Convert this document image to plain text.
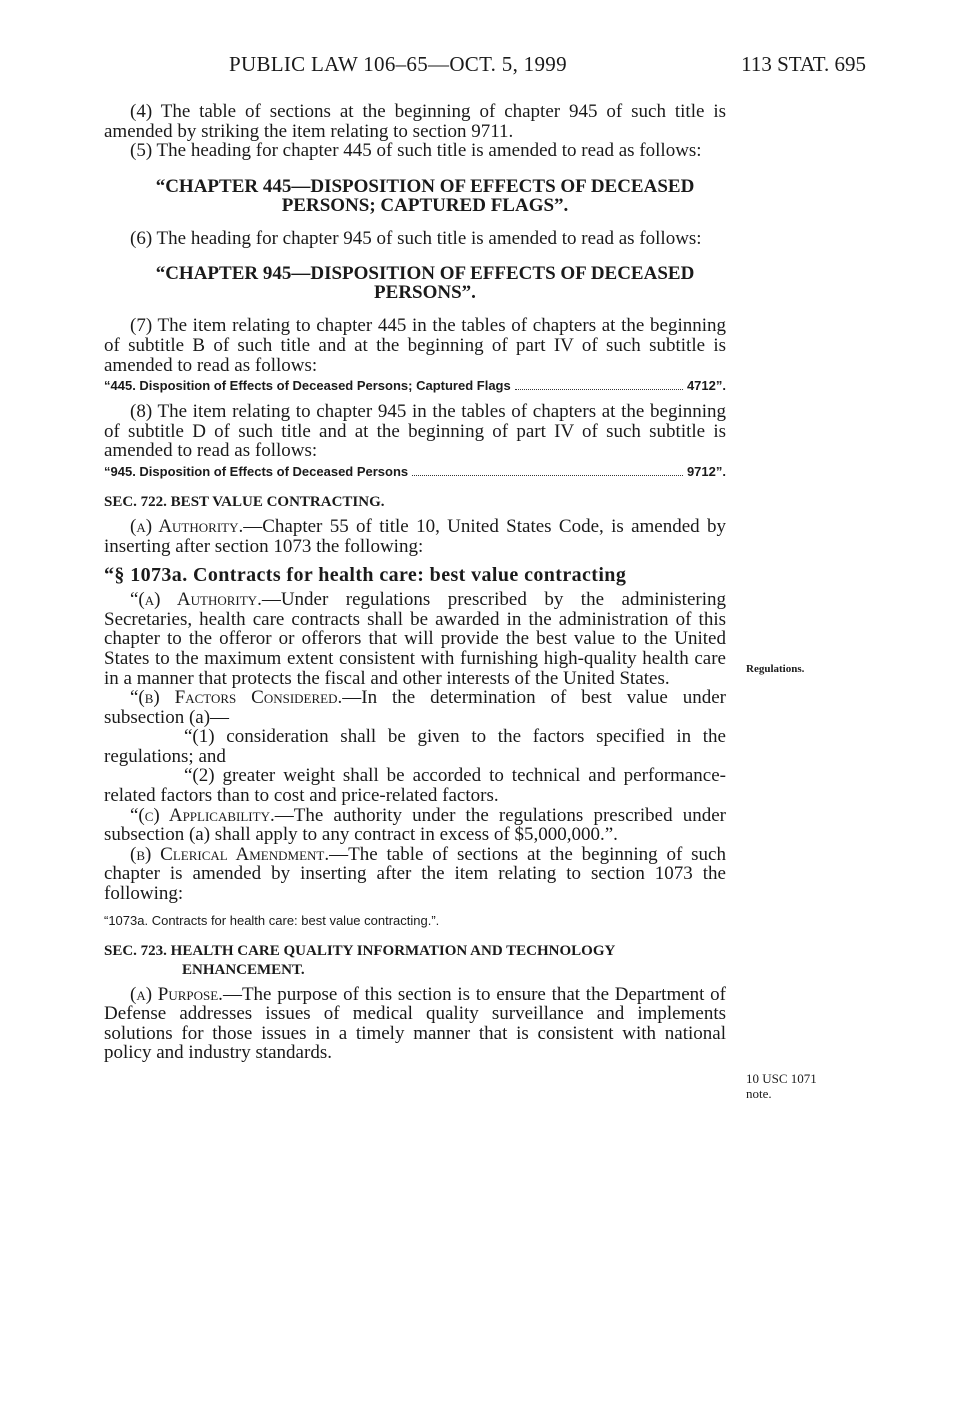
PUBLIC LAW 106–65—OCT. 5, 1999	113 STAT. 695

(4) The table of sections at the beginning of chapter 945 of such title is amended by striking the item relating to section 9711.

(5) The heading for chapter 445 of such title is amended to read as follows:

“CHAPTER 445—DISPOSITION OF EFFECTS OF DECEASED PERSONS; CAPTURED FLAGS”.

(6) The heading for chapter 945 of such title is amended to read as follows:

“CHAPTER 945—DISPOSITION OF EFFECTS OF DECEASED PERSONS”.

(7) The item relating to chapter 445 in the tables of chapters at the beginning of subtitle B of such title and at the beginning of part IV of such subtitle is amended to read as follows:

“445. Disposition of Effects of Deceased Persons; Captured Flags	4712”.

(8) The item relating to chapter 945 in the tables of chapters at the beginning of subtitle D of such title and at the beginning of part IV of such subtitle is amended to read as follows:

“945. Disposition of Effects of Deceased Persons	9712”.
SEC. 722. BEST VALUE CONTRACTING.

(a) Authority.—Chapter 55 of title 10, United States Code, is amended by inserting after section 1073 the following:

“§ 1073a. Contracts for health care: best value contracting

“(a) Authority.—Under regulations prescribed by the administering Secretaries, health care contracts shall be awarded in the administration of this chapter to the offeror or offerors that will provide the best value to the United States to the maximum extent consistent with furnishing high-quality health care in a manner that protects the fiscal and other interests of the United States.

“(b) Factors Considered.—In the determination of best value under subsection (a)—

“(1) consideration shall be given to the factors specified in the regulations; and

“(2) greater weight shall be accorded to technical and performance-related factors than to cost and price-related factors.

“(c) Applicability.—The authority under the regulations prescribed under subsection (a) shall apply to any contract in excess of $5,000,000.”.

(b) Clerical Amendment.—The table of sections at the beginning of such chapter is amended by inserting after the item relating to section 1073 the following:

“1073a. Contracts for health care: best value contracting.”.
SEC. 723. HEALTH CARE QUALITY INFORMATION AND TECHNOLOGY ENHANCEMENT.

(a) Purpose.—The purpose of this section is to ensure that the Department of Defense addresses issues of medical quality surveillance and implements solutions for those issues in a timely manner that is consistent with national policy and industry standards.

Regulations.
10 USC 1071
note.
